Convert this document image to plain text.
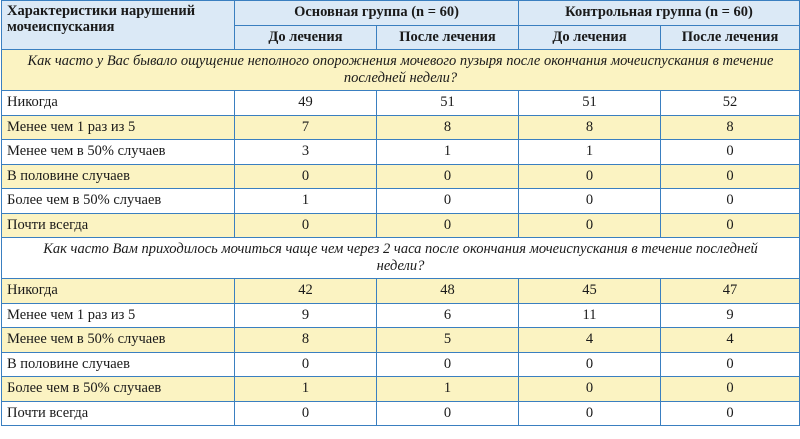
Характеристики нарушений мочеиспускания	Основная группа (n = 60)		Контрольная группа (n = 60)	
	До лечения	После лечения	До лечения	После лечения
Как часто у Вас бывало ощущение неполного опорожнения мочевого пузыря после окончания мочеиспускания в течение последней недели?				
Никогда	49	51	51	52
Менее чем 1 раз из 5	7	8	8	8
Менее чем в 50% случаев	3	1	1	0
В половине случаев	0	0	0	0
Более чем в 50% случаев	1	0	0	0
Почти всегда	0	0	0	0
Как часто Вам приходилось мочиться чаще чем через 2 часа после окончания мочеиспускания в течение последней недели?				
Никогда	42	48	45	47
Менее чем 1 раз из 5	9	6	11	9
Менее чем в 50% случаев	8	5	4	4
В половине случаев	0	0	0	0
Более чем в 50% случаев	1	1	0	0
Почти всегда	0	0	0	0
